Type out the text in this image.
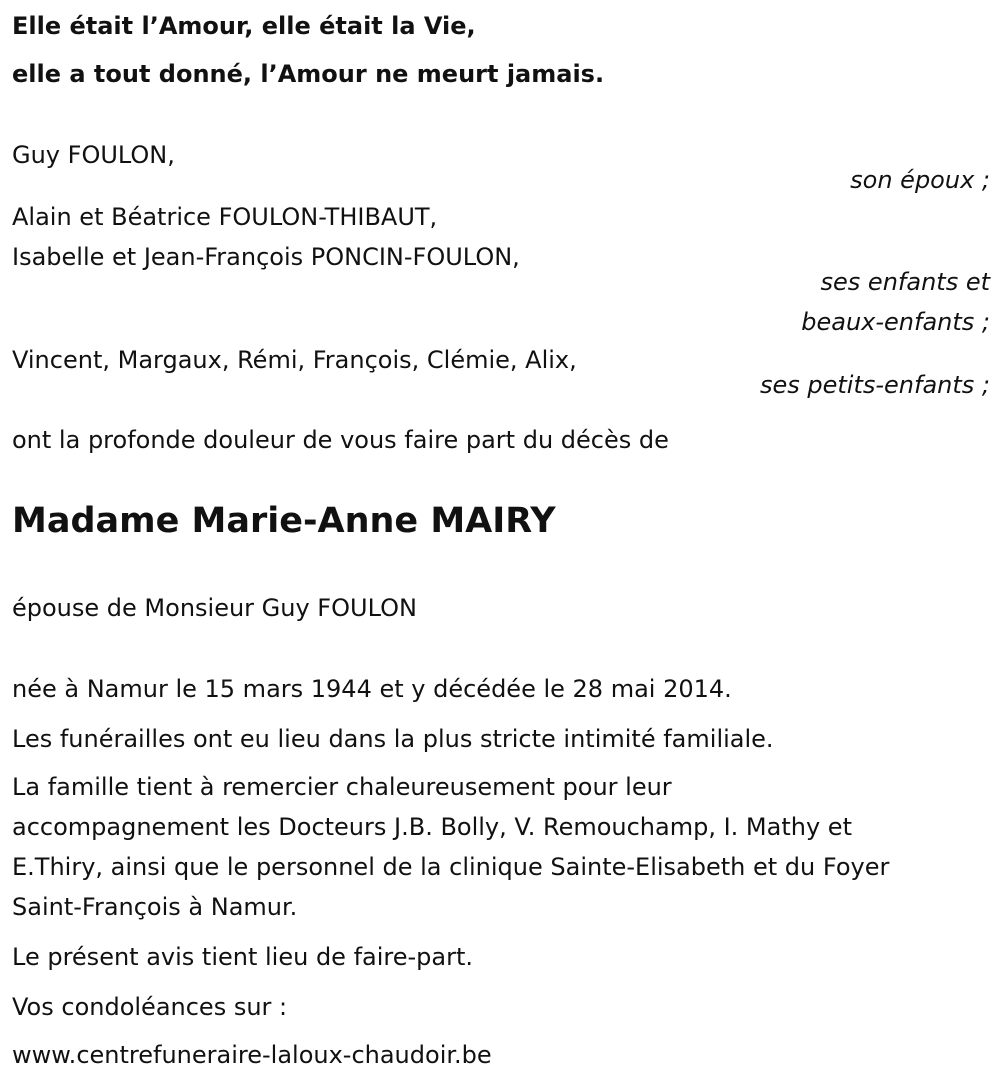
Elle était l’Amour, elle était la Vie,
elle a tout donné, l’Amour ne meurt jamais.
Guy FOULON,
son époux ;
Alain et Béatrice FOULON-THIBAUT,
Isabelle et Jean-François PONCIN-FOULON,
ses enfants et
beaux-enfants ;
Vincent, Margaux, Rémi, François, Clémie, Alix,
ses petits-enfants ;
ont la profonde douleur de vous faire part du décès de
Madame Marie-Anne MAIRY
épouse de Monsieur Guy FOULON
née à Namur le 15 mars 1944 et y décédée le 28 mai 2014.
Les funérailles ont eu lieu dans la plus stricte intimité familiale.
La famille tient à remercier chaleureusement pour leur
accompagnement les Docteurs J.B. Bolly, V. Remouchamp, I. Mathy et
E.Thiry, ainsi que le personnel de la clinique Sainte-Elisabeth et du Foyer
Saint-François à Namur.
Le présent avis tient lieu de faire-part.
Vos condoléances sur :
www.centrefuneraire-laloux-chaudoir.be
